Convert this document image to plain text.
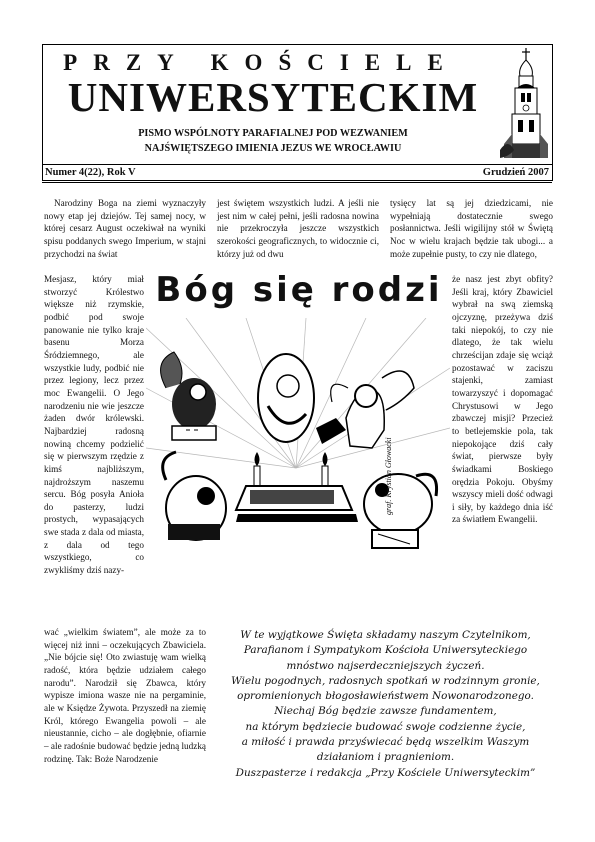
PRZY KOŚCIELE
UNIWERSYTECKIM
PISMO WSPÓLNOTY PARAFIALNEJ POD WEZWANIEM
NAJŚWIĘTSZEGO IMIENIA JEZUS WE WROCŁAWIU
Numer 4(22), Rok V	Grudzień 2007

Narodziny Boga na ziemi wyznaczyły nowy etap jej dziejów. Tej samej nocy, w której cesarz August oczekiwał na wyniki spisu poddanych swego Imperium, w stajni przychodzi na świat

Mesjasz, który miał stworzyć Królestwo większe niż rzymskie, podbić pod swoje panowanie nie tylko kraje basenu Morza Śródziemnego, ale wszystkie ludy, podbić nie przez legiony, lecz przez moc Ewangelii. O Jego narodzeniu nie wie jeszcze żaden dwór królewski. Najbardziej radosną nowiną chcemy podzielić się w pierwszym rzędzie z kimś najbliższym, najdroższym naszemu sercu. Bóg posyła Anioła do pasterzy, ludzi prostych, wypasających swe stada z dala od miasta, z dala od tego wszystkiego, co zwykliśmy dziś nazy-
wać „wielkim światem”, ale może za to więcej niż inni – oczekujących Zbawiciela. „Nie bójcie się! Oto zwiastuję wam wielką radość, która będzie udziałem całego narodu”. Narodził się Zbawca, który wypisze imiona wasze nie na pergaminie, ale w Księdze Żywota. Przyszedł na ziemię Król, którego Ewangelia powoli – ale nieustannie, cicho – ale dogłębnie, ofiarnie – ale radośnie budować będzie jedną ludzką rodzinę. Tak: Boże Narodzenie
jest świętem wszystkich ludzi. A jeśli nie jest nim w całej pełni, jeśli radosna nowina nie przekroczyła jeszcze wszystkich szerokości geograficznych, to widocznie ci, którzy już od dwu
tysięcy lat są jej dziedzicami, nie wypełniają dostatecznie swego posłannictwa. Jeśli wigilijny stół w Świętą Noc w wielu krajach będzie tak ubogi... a może zupełnie pusty, to czy nie dlatego,
że nasz jest zbyt obfity? Jeśli kraj, który Zbawiciel wybrał na swą ziemską ojczyznę, przeżywa dziś taki niepokój, to czy nie dlatego, że tak wielu chrześcijan zdaje się wciąż pozostawać w zaciszu stajenki, zamiast towarzyszyć i dopomagać Chrystusowi w Jego zbawczej misji? Przecież to betlejemskie pola, tak niepokojące dziś cały świat, pierwsze były świadkami Boskiego orędzia Pokoju. Obyśmy wszyscy mieli dość odwagi i siły, by każdego dnia iść za światłem Ewangelii.
Bóg się rodzi
graf. Krystian Głowacki
W te wyjątkowe Święta składamy naszym Czytelnikom,
Parafianom i Sympatykom Kościoła Uniwersyteckiego
mnóstwo najserdeczniejszych życzeń.
Wielu pogodnych, radosnych spotkań w rodzinnym gronie,
opromienionych błogosławieństwem Nowonarodzonego.
Niechaj Bóg będzie zawsze fundamentem,
na którym będziecie budować swoje codzienne życie,
a miłość i prawda przyświecać będą wszelkim Waszym
działaniom i pragnieniom.
Duszpasterze i redakcja „Przy Kościele Uniwersyteckim”
